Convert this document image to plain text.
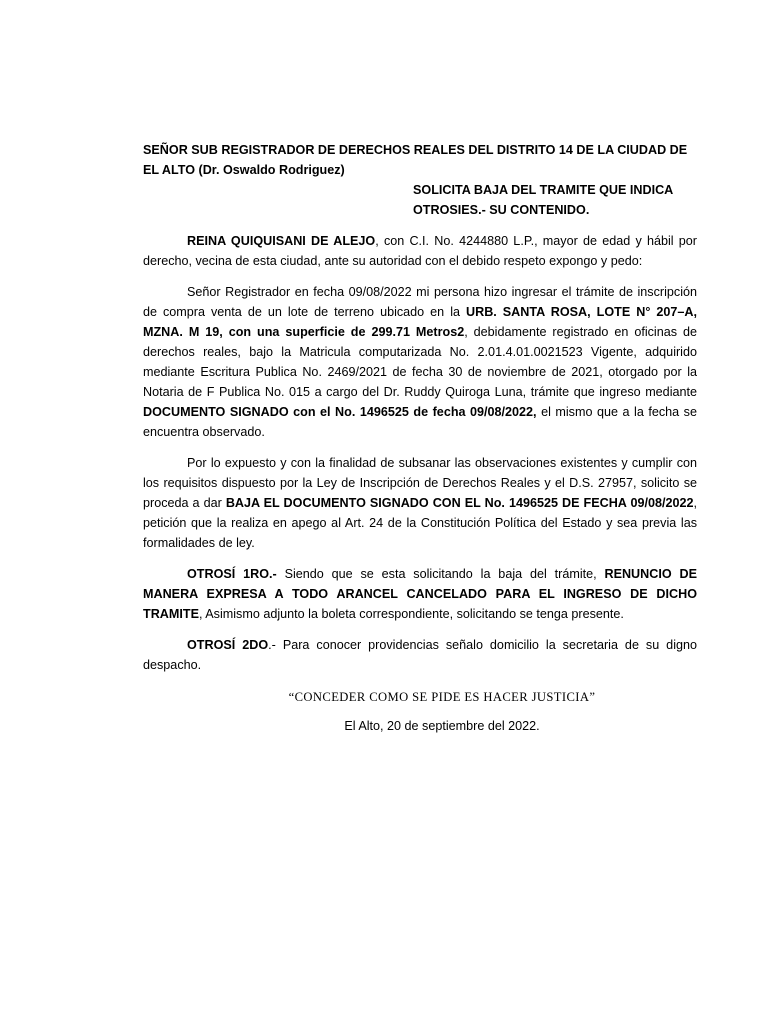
SEÑOR SUB REGISTRADOR DE DERECHOS REALES DEL DISTRITO 14 DE LA CIUDAD DE EL ALTO (Dr. Oswaldo Rodriguez)

SOLICITA BAJA DEL TRAMITE QUE INDICA

OTROSIES.- SU CONTENIDO.

REINA QUIQUISANI DE ALEJO, con C.I. No. 4244880 L.P., mayor de edad y hábil por derecho, vecina de esta ciudad, ante su autoridad con el debido respeto expongo y pedo:

Señor Registrador en fecha 09/08/2022 mi persona hizo ingresar el trámite de inscripción de compra venta de un lote de terreno ubicado en la URB. SANTA ROSA, LOTE N° 207–A, MZNA. M 19, con una superficie de 299.71 Metros2, debidamente registrado en oficinas de derechos reales, bajo la Matricula computarizada No. 2.01.4.01.0021523 Vigente, adquirido mediante Escritura Publica No. 2469/2021 de fecha 30 de noviembre de 2021, otorgado por la Notaria de F Publica No. 015 a cargo del Dr. Ruddy Quiroga Luna, trámite que ingreso mediante DOCUMENTO SIGNADO con el No. 1496525 de fecha 09/08/2022, el mismo que a la fecha se encuentra observado.

Por lo expuesto y con la finalidad de subsanar las observaciones existentes y cumplir con los requisitos dispuesto por la Ley de Inscripción de Derechos Reales y el D.S. 27957, solicito se proceda a dar BAJA EL DOCUMENTO SIGNADO CON EL No. 1496525 DE FECHA 09/08/2022, petición que la realiza en apego al Art. 24 de la Constitución Política del Estado y sea previa las formalidades de ley.

OTROSÍ 1RO.- Siendo que se esta solicitando la baja del trámite, RENUNCIO DE MANERA EXPRESA A TODO ARANCEL CANCELADO PARA EL INGRESO DE DICHO TRAMITE, Asimismo adjunto la boleta correspondiente, solicitando se tenga presente.

OTROSÍ 2DO.- Para conocer providencias señalo domicilio la secretaria de su digno despacho.

“CONCEDER COMO SE PIDE ES HACER JUSTICIA”

El Alto, 20 de septiembre del 2022.
